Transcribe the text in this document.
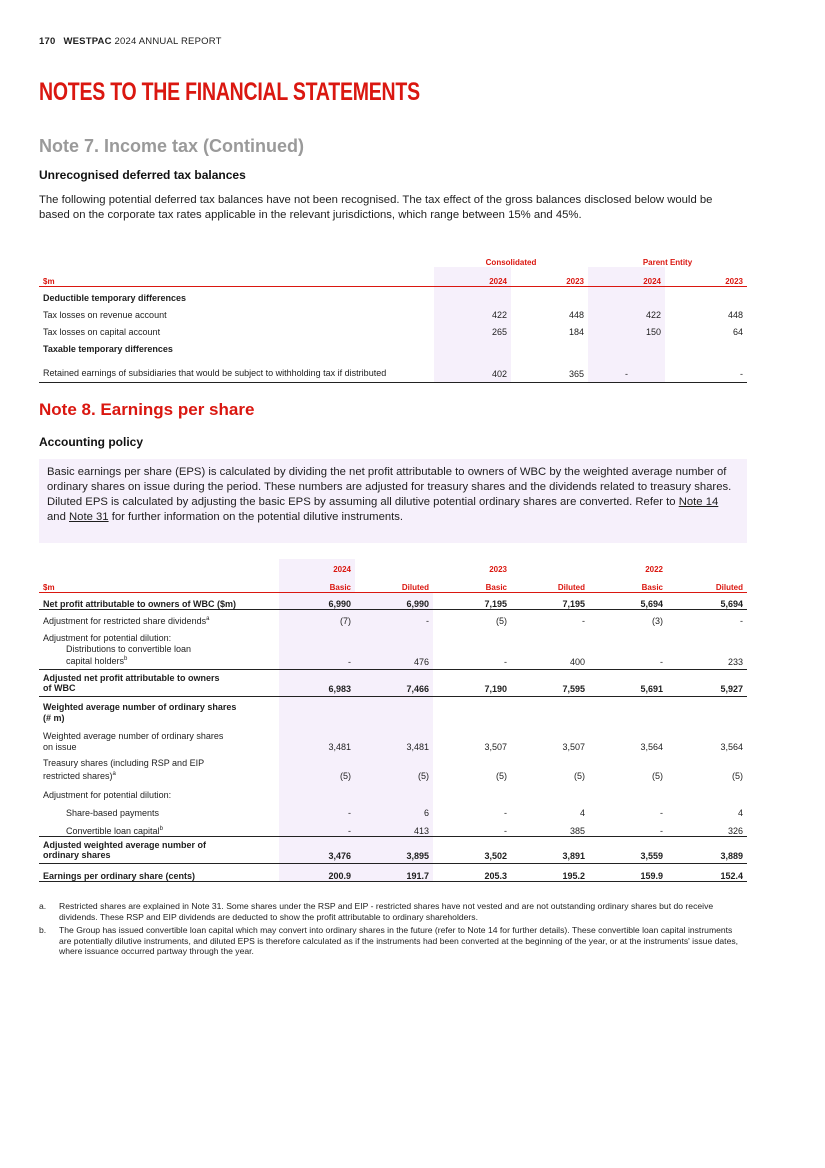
170 WESTPAC 2024 ANNUAL REPORT
NOTES TO THE FINANCIAL STATEMENTS
Note 7. Income tax (Continued)
Unrecognised deferred tax balances
The following potential deferred tax balances have not been recognised. The tax effect of the gross balances disclosed below would be based on the corporate tax rates applicable in the relevant jurisdictions, which range between 15% and 45%.
	Consolidated		Parent Entity	
$m	2024	2023	2024	2023
Deductible temporary differences				
Tax losses on revenue account	422	448	422	448
Tax losses on capital account	265	184	150	64
Taxable temporary differences				
Retained earnings of subsidiaries that would be subject to withholding tax if distributed	402	365	-	-
Note 8. Earnings per share
Accounting policy
Basic earnings per share (EPS) is calculated by dividing the net profit attributable to owners of WBC by the weighted average number of ordinary shares on issue during the period. These numbers are adjusted for treasury shares and the dividends related to treasury shares. Diluted EPS is calculated by adjusting the basic EPS by assuming all dilutive potential ordinary shares are converted. Refer to Note 14 and Note 31 for further information on the potential dilutive instruments.
	2024		2023		2022	
$m	Basic	Diluted	Basic	Diluted	Basic	Diluted
Net profit attributable to owners of WBC ($m)	6,990	6,990	7,195	7,195	5,694	5,694
Adjustment for restricted share dividends$^a$	(7)	-	(5)	-	(3)	-
Adjustment for potential dilution:						
Distributions to convertible loan
capital holders$^b$	-	476	-	400	-	233
Adjusted net profit attributable to owners
of WBC	6,983	7,466	7,190	7,595	5,691	5,927
Weighted average number of ordinary shares
(# m)						
Weighted average number of ordinary shares
on issue	3,481	3,481	3,507	3,507	3,564	3,564
Treasury shares (including RSP and EIP
restricted shares)$^a$	(5)	(5)	(5)	(5)	(5)	(5)
Adjustment for potential dilution:						
Share-based payments	-	6	-	4	-	4
Convertible loan capital$^b$	-	413	-	385	-	326
Adjusted weighted average number of
ordinary shares	3,476	3,895	3,502	3,891	3,559	3,889
Earnings per ordinary share (cents)	200.9	191.7	205.3	195.2	159.9	152.4
a. Restricted shares are explained in Note 31. Some shares under the RSP and EIP - restricted shares have not vested and are not outstanding ordinary shares but do receive dividends. These RSP and EIP dividends are deducted to show the profit attributable to ordinary shareholders.
b. The Group has issued convertible loan capital which may convert into ordinary shares in the future (refer to Note 14 for further details). These convertible loan capital instruments are potentially dilutive instruments, and diluted EPS is therefore calculated as if the instruments had been converted at the beginning of the year, or at the instruments' issue dates, where issuance occurred partway through the year.
